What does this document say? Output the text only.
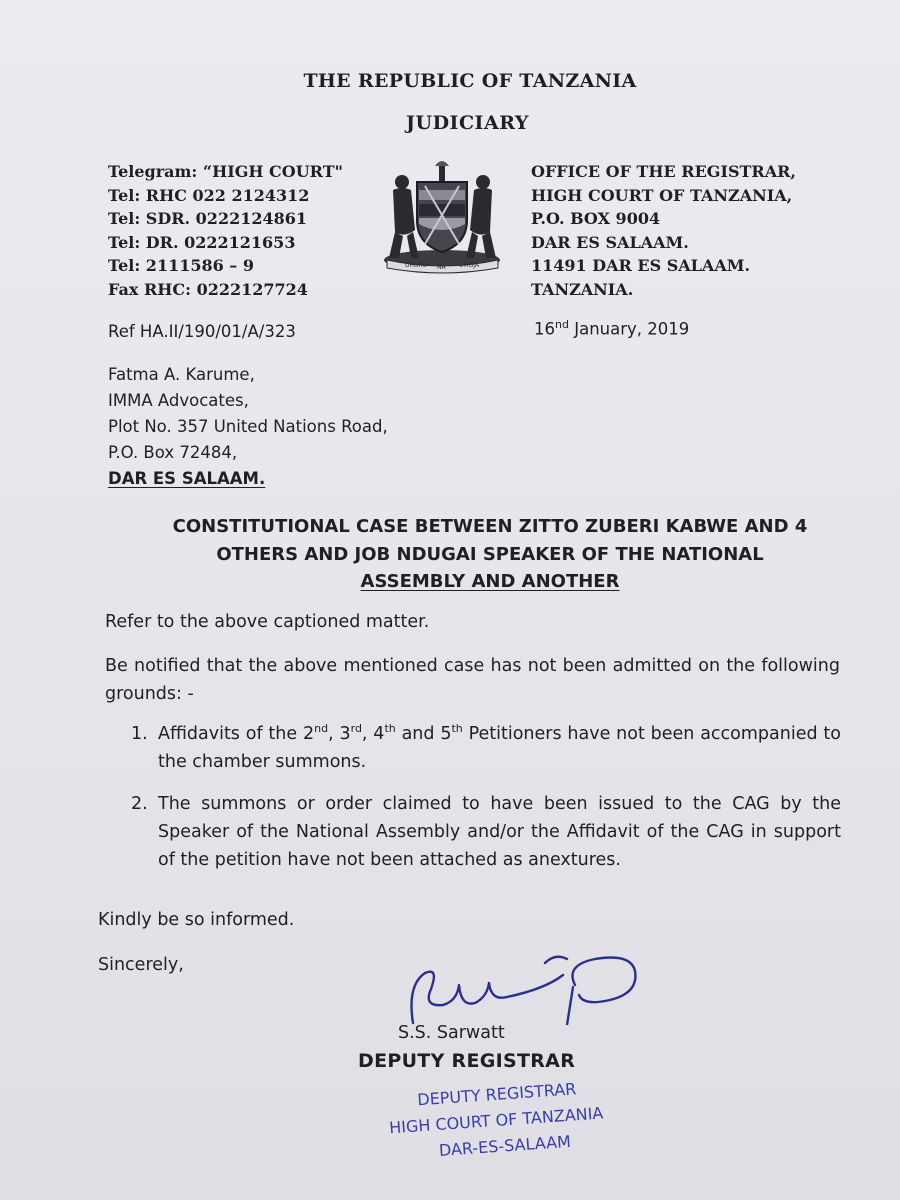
THE REPUBLIC OF TANZANIA
JUDICIARY
Telegram: “HIGH COURT"
Tel: RHC 022 2124312
Tel: SDR. 0222124861
Tel: DR. 0222121653
Tel: 2111586 – 9
Fax RHC: 0222127724
UHURU NA UMOJA
OFFICE OF THE REGISTRAR,
HIGH COURT OF TANZANIA,
P.O. BOX 9004
DAR ES SALAAM.
11491 DAR ES SALAAM.
TANZANIA.
Ref HA.II/190/01/A/323	16nd January, 2019
Fatma A. Karume,
IMMA Advocates,
Plot No. 357 United Nations Road,
P.O. Box 72484,
DAR ES SALAAM.
CONSTITUTIONAL CASE BETWEEN ZITTO ZUBERI KABWE AND 4
OTHERS AND JOB NDUGAI SPEAKER OF THE NATIONAL
ASSEMBLY AND ANOTHER
Refer to the above captioned matter.
Be notified that the above mentioned case has not been admitted on the following grounds: -
1. Affidavits of the 2nd, 3rd, 4th and 5th Petitioners have not been accompanied to the chamber summons.
2. The summons or order claimed to have been issued to the CAG by the Speaker of the National Assembly and/or the Affidavit of the CAG in support of the petition have not been attached as anextures.
Kindly be so informed.
Sincerely,
S.S. Sarwatt
DEPUTY REGISTRAR
DEPUTY REGISTRAR
HIGH COURT OF TANZANIA
DAR-ES-SALAAM
